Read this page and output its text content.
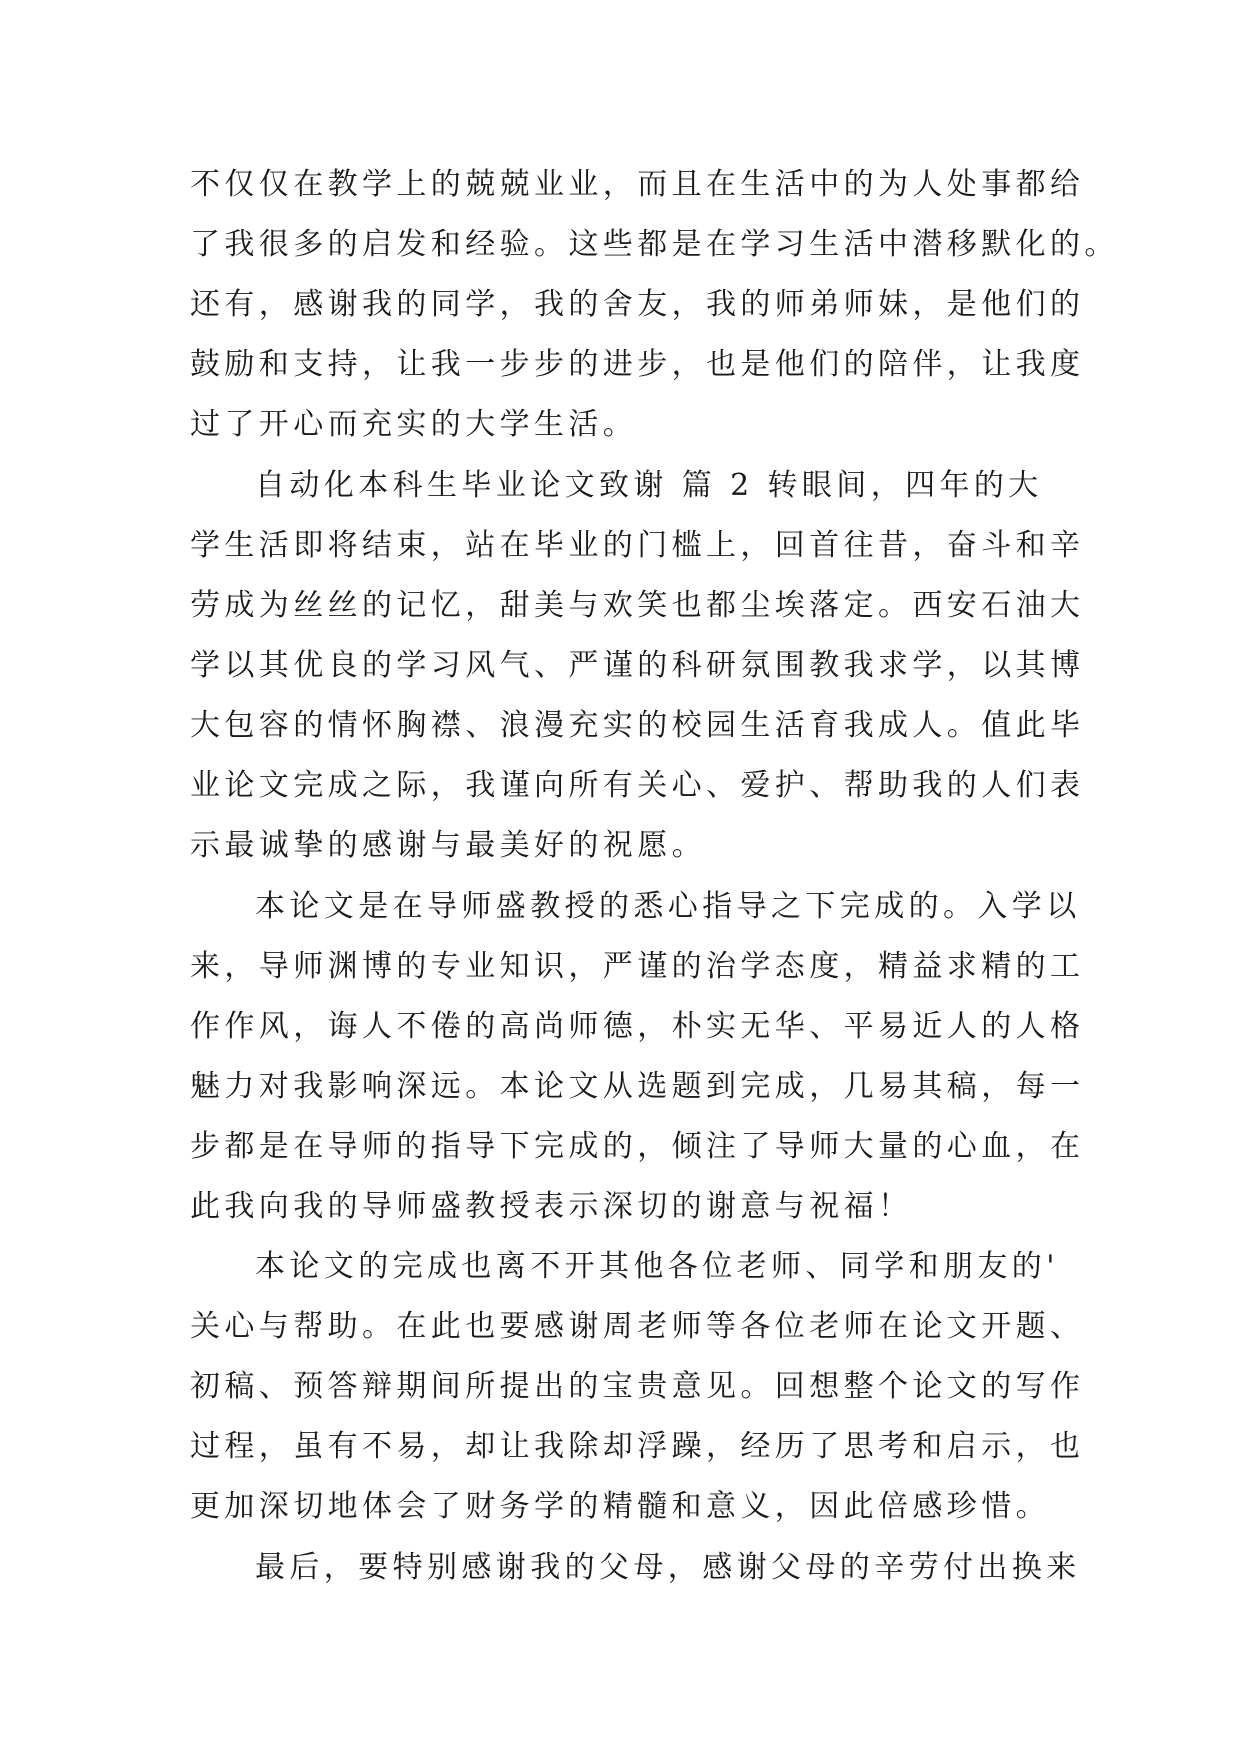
不仅仅在教学上的兢兢业业，而且在生活中的为人处事都给
了我很多的启发和经验。这些都是在学习生活中潜移默化的。
还有，感谢我的同学，我的舍友，我的师弟师妹，是他们的
鼓励和支持，让我一步步的进步，也是他们的陪伴，让我度
过了开心而充实的大学生活。
自动化本科生毕业论文致谢 篇 2 转眼间，四年的大
学生活即将结束，站在毕业的门槛上，回首往昔，奋斗和辛
劳成为丝丝的记忆，甜美与欢笑也都尘埃落定。西安石油大
学以其优良的学习风气、严谨的科研氛围教我求学，以其博
大包容的情怀胸襟、浪漫充实的校园生活育我成人。值此毕
业论文完成之际，我谨向所有关心、爱护、帮助我的人们表
示最诚挚的感谢与最美好的祝愿。
本论文是在导师盛教授的悉心指导之下完成的。入学以
来，导师渊博的专业知识，严谨的治学态度，精益求精的工
作作风，诲人不倦的高尚师德，朴实无华、平易近人的人格
魅力对我影响深远。本论文从选题到完成，几易其稿，每一
步都是在导师的指导下完成的，倾注了导师大量的心血，在
此我向我的导师盛教授表示深切的谢意与祝福！
本论文的完成也离不开其他各位老师、同学和朋友的'
关心与帮助。在此也要感谢周老师等各位老师在论文开题、
初稿、预答辩期间所提出的宝贵意见。回想整个论文的写作
过程，虽有不易，却让我除却浮躁，经历了思考和启示，也
更加深切地体会了财务学的精髓和意义，因此倍感珍惜。
最后，要特别感谢我的父母，感谢父母的辛劳付出换来
